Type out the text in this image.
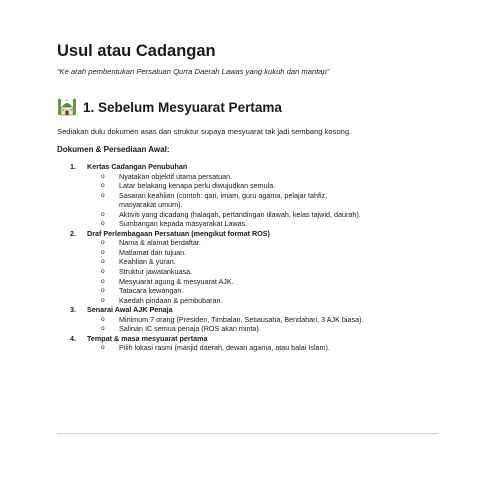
Usul atau Cadangan
“Ke arah pembentukan Persatuan Qurra Daerah Lawas yang kukuh dan mantap”
1. Sebelum Mesyuarat Pertama
Sediakan dulu dokumen asas dan struktur supaya mesyuarat tak jadi sembang kosong.
Dokumen & Persediaan Awal:
1. Kertas Cadangan Penubuhan
o Nyatakan objektif utama persatuan.
o Latar belakang kenapa perlu diwujudkan semula.
o Sasaran keahlian (contoh: qari, imam, guru agama, pelajar tahfiz,
masyarakat umum).
o Aktiviti yang dicadang (halaqah, pertandingan tilawah, kelas tajwid, daurah).
o Sumbangan kepada masyarakat Lawas.
2. Draf Perlembagaan Persatuan (mengikut format ROS)
o Nama & alamat berdaftar.
o Matlamat dan tujuan.
o Keahlian & yuran.
o Struktur jawatankuasa.
o Mesyuarat agung & mesyuarat AJK.
o Tatacara kewangan.
o Kaedah pindaan & pembubaran.
3. Senarai Awal AJK Penaja
o Minimum 7 orang (Presiden, Timbalan, Setiausaha, Bendahari, 3 AJK biasa).
o Salinan IC semua penaja (ROS akan minta).
4. Tempat & masa mesyuarat pertama
o Pilih lokasi rasmi (masjid daerah, dewan agama, atau balai Islam).
